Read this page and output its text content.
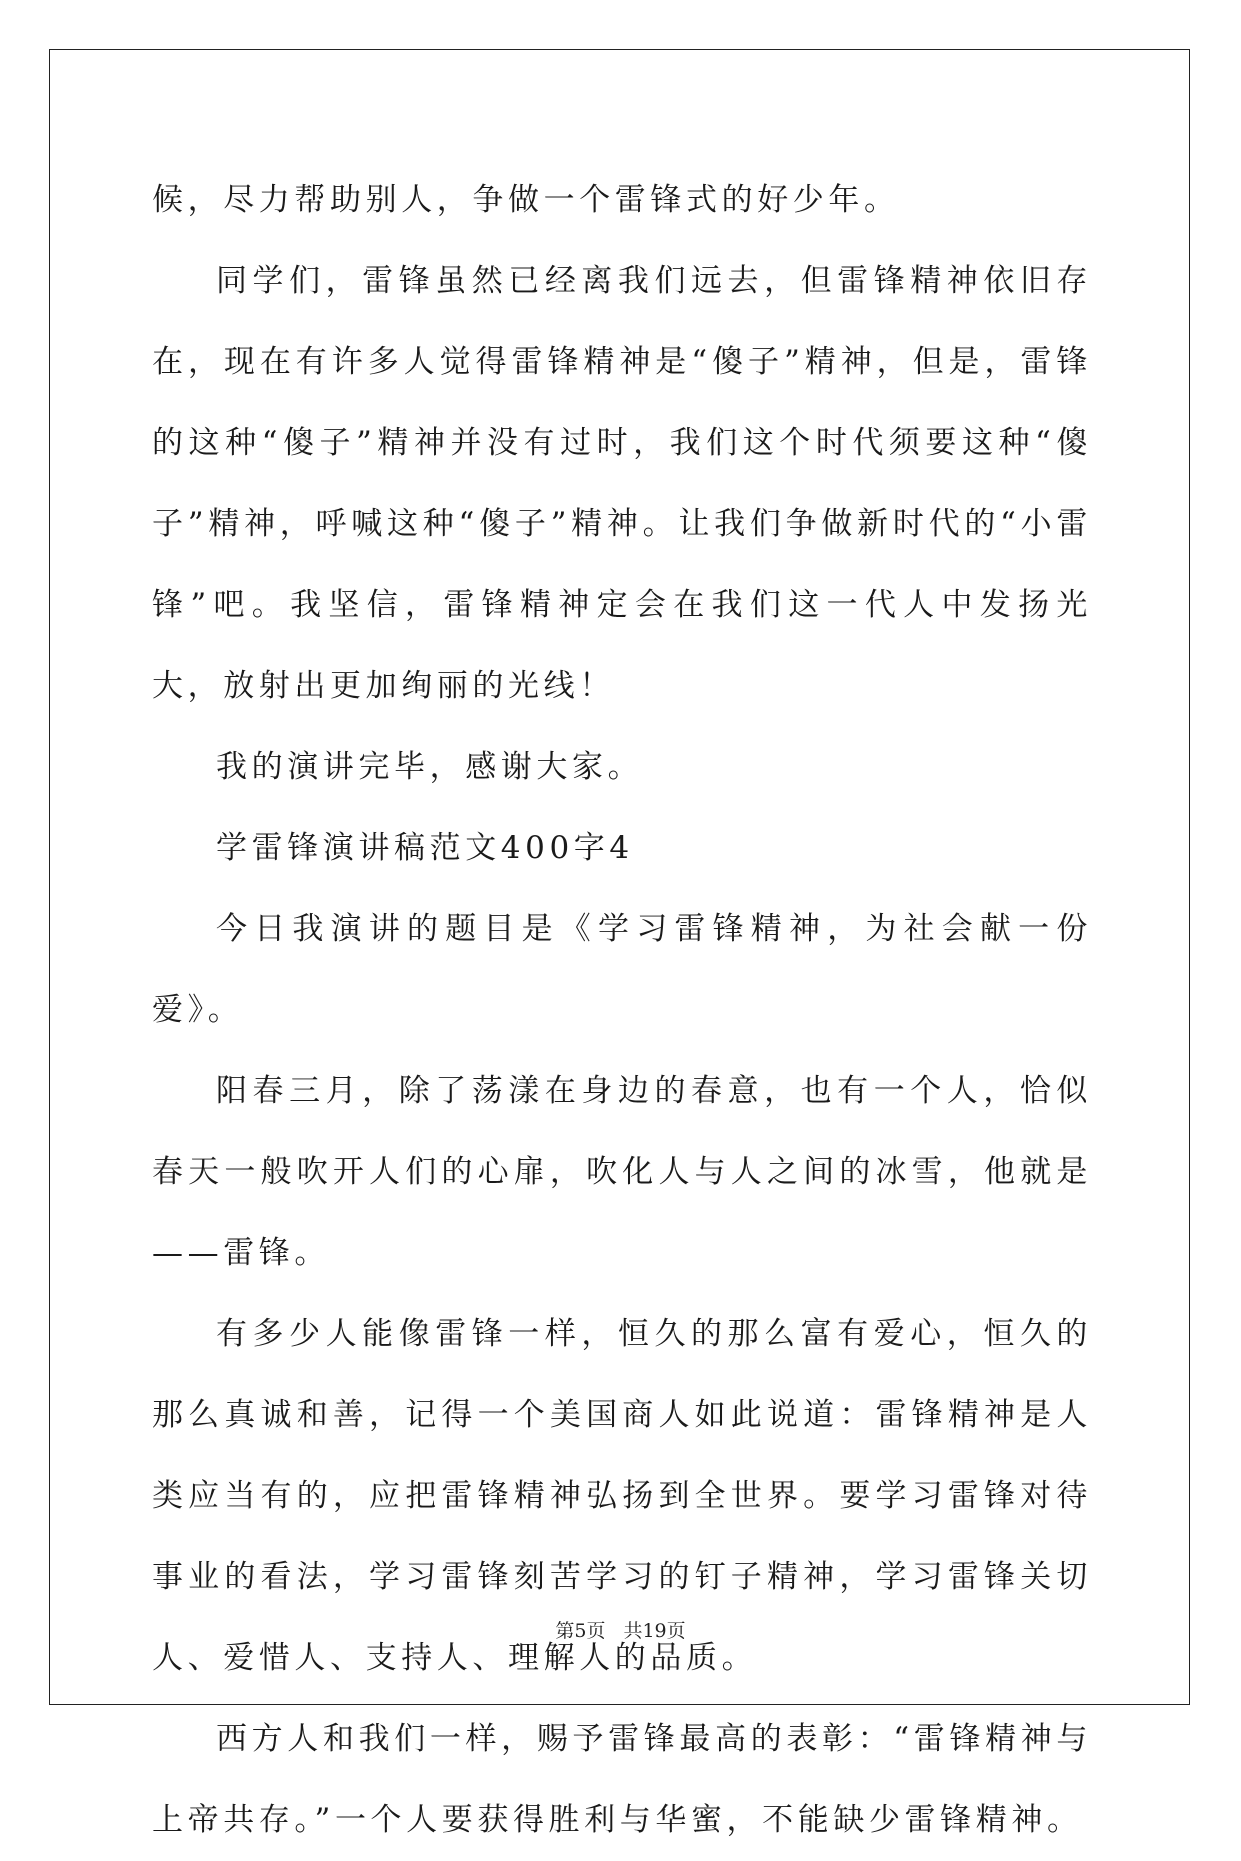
候，尽力帮助别人，争做一个雷锋式的好少年。

同学们，雷锋虽然已经离我们远去，但雷锋精神依旧存在，现在有许多人觉得雷锋精神是“傻子”精神，但是，雷锋的这种“傻子”精神并没有过时，我们这个时代须要这种“傻子”精神，呼喊这种“傻子”精神。让我们争做新时代的“小雷锋”吧。我坚信，雷锋精神定会在我们这一代人中发扬光大，放射出更加绚丽的光线！

我的演讲完毕，感谢大家。

学雷锋演讲稿范文400字4

今日我演讲的题目是《学习雷锋精神，为社会献一份爱》。

阳春三月，除了荡漾在身边的春意，也有一个人，恰似春天一般吹开人们的心扉，吹化人与人之间的冰雪，他就是——雷锋。

有多少人能像雷锋一样，恒久的那么富有爱心，恒久的那么真诚和善，记得一个美国商人如此说道：雷锋精神是人类应当有的，应把雷锋精神弘扬到全世界。要学习雷锋对待事业的看法，学习雷锋刻苦学习的钉子精神，学习雷锋关切人、爱惜人、支持人、理解人的品质。

西方人和我们一样，赐予雷锋最高的表彰：“雷锋精神与上帝共存。”一个人要获得胜利与华蜜，不能缺少雷锋精神。

第5页 共19页
